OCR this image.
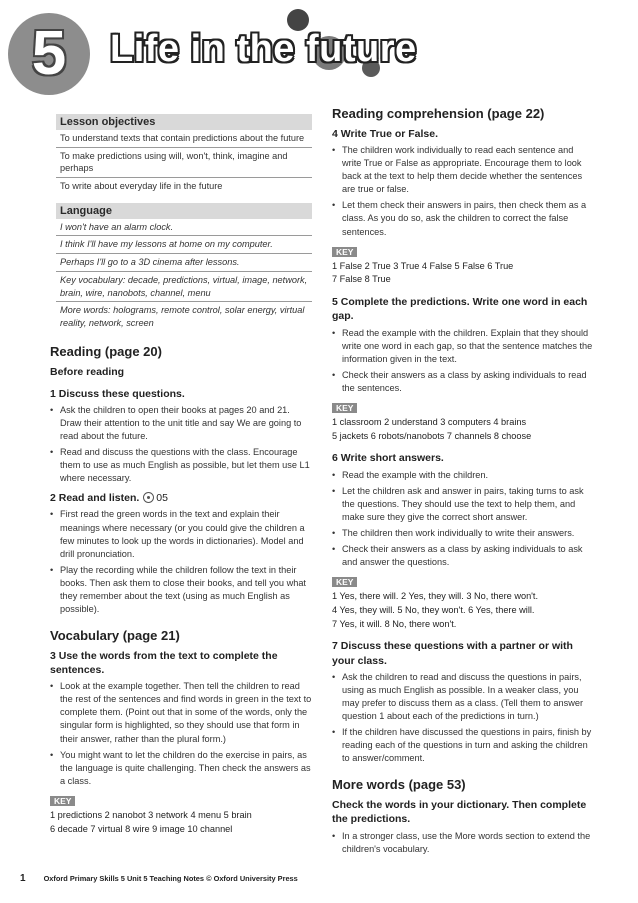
5	Life in the future
Lesson objectives
To understand texts that contain predictions about the future
To make predictions using will, won't, think, imagine and perhaps
To write about everyday life in the future
Language
I won't have an alarm clock.
I think I'll have my lessons at home on my computer.
Perhaps I'll go to a 3D cinema after lessons.
Key vocabulary: decade, predictions, virtual, image, network, brain, wire, nanobots, channel, menu
More words: holograms, remote control, solar energy, virtual reality, network, screen
Reading (page 20)
Before reading
1 Discuss these questions.
• Ask the children to open their books at pages 20 and 21. Draw their attention to the unit title and say We are going to read about the future.
• Read and discuss the questions with the class. Encourage them to use as much English as possible, but let them use L1 where necessary.
2 Read and listen. 05
• First read the green words in the text and explain their meanings where necessary (or you could give the children a few minutes to look up the words in dictionaries). Model and drill pronunciation.
• Play the recording while the children follow the text in their books. Then ask them to close their books, and tell you what they remember about the text (using as much English as possible).
Vocabulary (page 21)
3 Use the words from the text to complete the sentences.
• Look at the example together. Then tell the children to read the rest of the sentences and find words in green in the text to complete them. (Point out that in some of the words, only the singular form is highlighted, so they should use that form in their answer, rather than the plural form.)
• You might want to let the children do the exercise in pairs, as the language is quite challenging. Then check the answers as a class.
KEY
1 predictions 2 nanobot 3 network 4 menu 5 brain
6 decade 7 virtual 8 wire 9 image 10 channel
Reading comprehension (page 22)
4 Write True or False.
• The children work individually to read each sentence and write True or False as appropriate. Encourage them to look back at the text to help them decide whether the sentences are true or false.
• Let them check their answers in pairs, then check them as a class. As you do so, ask the children to correct the false sentences.
KEY
1 False 2 True 3 True 4 False 5 False 6 True
7 False 8 True
5 Complete the predictions. Write one word in each gap.
• Read the example with the children. Explain that they should write one word in each gap, so that the sentence matches the information given in the text.
• Check their answers as a class by asking individuals to read the sentences.
KEY
1 classroom 2 understand 3 computers 4 brains
5 jackets 6 robots/nanobots 7 channels 8 choose
6 Write short answers.
• Read the example with the children.
• Let the children ask and answer in pairs, taking turns to ask the questions. They should use the text to help them, and make sure they give the correct short answer.
• The children then work individually to write their answers.
• Check their answers as a class by asking individuals to ask and answer the questions.
KEY
1 Yes, there will. 2 Yes, they will. 3 No, there won't.
4 Yes, they will. 5 No, they won't. 6 Yes, there will.
7 Yes, it will. 8 No, there won't.
7 Discuss these questions with a partner or with your class.
• Ask the children to read and discuss the questions in pairs, using as much English as possible. In a weaker class, you may prefer to discuss them as a class. (Tell them to answer question 1 about each of the predictions in turn.)
• If the children have discussed the questions in pairs, finish by reading each of the questions in turn and asking the children to answer/comment.
More words (page 53)
Check the words in your dictionary. Then complete the predictions.
• In a stronger class, use the More words section to extend the children's vocabulary.
1 Oxford Primary Skills 5 Unit 5 Teaching Notes © Oxford University Press
